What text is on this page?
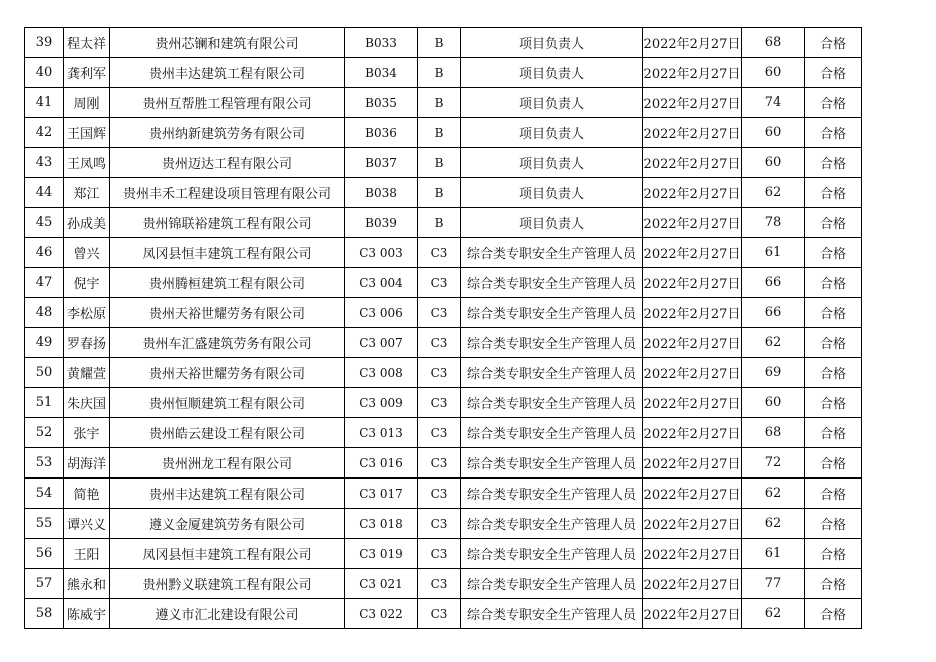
39	程太祥	贵州芯镧和建筑有限公司	B033	B	项目负责人	2022年2月27日	68	合格
40	龚利军	贵州丰达建筑工程有限公司	B034	B	项目负责人	2022年2月27日	60	合格
41	周刚	贵州互帮胜工程管理有限公司	B035	B	项目负责人	2022年2月27日	74	合格
42	王国辉	贵州纳新建筑劳务有限公司	B036	B	项目负责人	2022年2月27日	60	合格
43	王凤鸣	贵州迈达工程有限公司	B037	B	项目负责人	2022年2月27日	60	合格
44	郑江	贵州丰禾工程建设项目管理有限公司	B038	B	项目负责人	2022年2月27日	62	合格
45	孙成美	贵州锦联裕建筑工程有限公司	B039	B	项目负责人	2022年2月27日	78	合格
46	曾兴	凤冈县恒丰建筑工程有限公司	C3 003	C3	综合类专职安全生产管理人员	2022年2月27日	61	合格
47	倪宇	贵州腾桓建筑工程有限公司	C3 004	C3	综合类专职安全生产管理人员	2022年2月27日	66	合格
48	李松原	贵州天裕世耀劳务有限公司	C3 006	C3	综合类专职安全生产管理人员	2022年2月27日	66	合格
49	罗春扬	贵州车汇盛建筑劳务有限公司	C3 007	C3	综合类专职安全生产管理人员	2022年2月27日	62	合格
50	黄耀萱	贵州天裕世耀劳务有限公司	C3 008	C3	综合类专职安全生产管理人员	2022年2月27日	69	合格
51	朱庆国	贵州恒顺建筑工程有限公司	C3 009	C3	综合类专职安全生产管理人员	2022年2月27日	60	合格
52	张宇	贵州皓云建设工程有限公司	C3 013	C3	综合类专职安全生产管理人员	2022年2月27日	68	合格
53	胡海洋	贵州洲龙工程有限公司	C3 016	C3	综合类专职安全生产管理人员	2022年2月27日	72	合格
54	简艳	贵州丰达建筑工程有限公司	C3 017	C3	综合类专职安全生产管理人员	2022年2月27日	62	合格
55	谭兴义	遵义金厦建筑劳务有限公司	C3 018	C3	综合类专职安全生产管理人员	2022年2月27日	62	合格
56	王阳	凤冈县恒丰建筑工程有限公司	C3 019	C3	综合类专职安全生产管理人员	2022年2月27日	61	合格
57	熊永和	贵州黔义联建筑工程有限公司	C3 021	C3	综合类专职安全生产管理人员	2022年2月27日	77	合格
58	陈威宇	遵义市汇北建设有限公司	C3 022	C3	综合类专职安全生产管理人员	2022年2月27日	62	合格
